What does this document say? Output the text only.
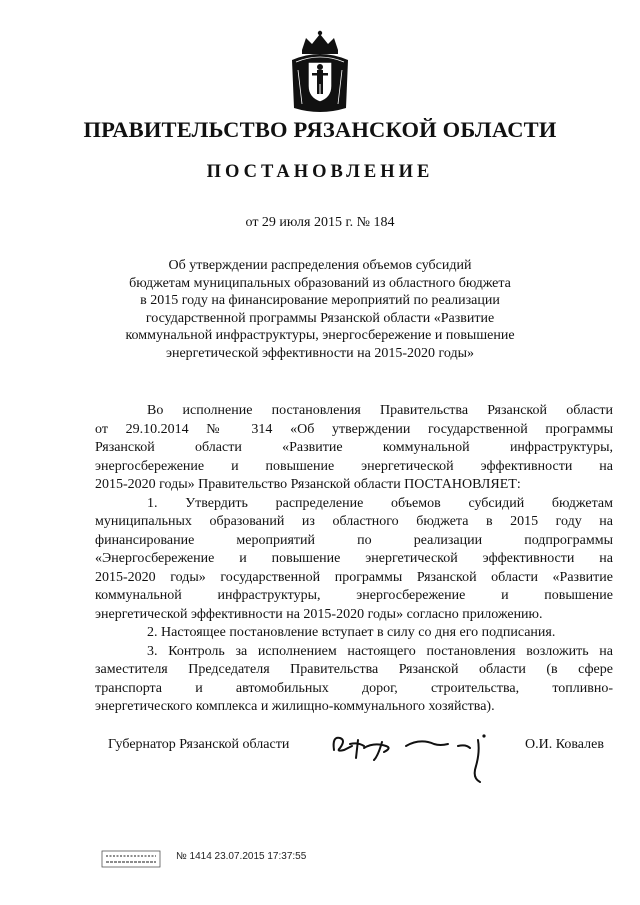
ПРАВИТЕЛЬСТВО РЯЗАНСКОЙ ОБЛАСТИ
ПОСТАНОВЛЕНИЕ
от 29 июля 2015 г. № 184
Об утверждении распределения объемов субсидий
бюджетам муниципальных образований из областного бюджета
в 2015 году на финансирование мероприятий по реализации
государственной программы Рязанской области «Развитие
коммунальной инфраструктуры, энергосбережение и повышение
энергетической эффективности на 2015-2020 годы»
Во исполнение постановления Правительства Рязанской области
от 29.10.2014 № 314 «Об утверждении государственной программы
Рязанской области «Развитие коммунальной инфраструктуры,
энергосбережение и повышение энергетической эффективности на
2015-2020 годы» Правительство Рязанской области ПОСТАНОВЛЯЕТ:
1. Утвердить распределение объемов субсидий бюджетам
муниципальных образований из областного бюджета в 2015 году на
финансирование мероприятий по реализации подпрограммы
«Энергосбережение и повышение энергетической эффективности на
2015-2020 годы» государственной программы Рязанской области «Развитие
коммунальной инфраструктуры, энергосбережение и повышение
энергетической эффективности на 2015-2020 годы» согласно приложению.
2. Настоящее постановление вступает в силу со дня его подписания.
3. Контроль за исполнением настоящего постановления возложить на
заместителя Председателя Правительства Рязанской области (в сфере
транспорта и автомобильных дорог, строительства, топливно-
энергетического комплекса и жилищно-коммунального хозяйства).
Губернатор Рязанской области	О.И. Ковалев
№ 1414 23.07.2015 17:37:55
